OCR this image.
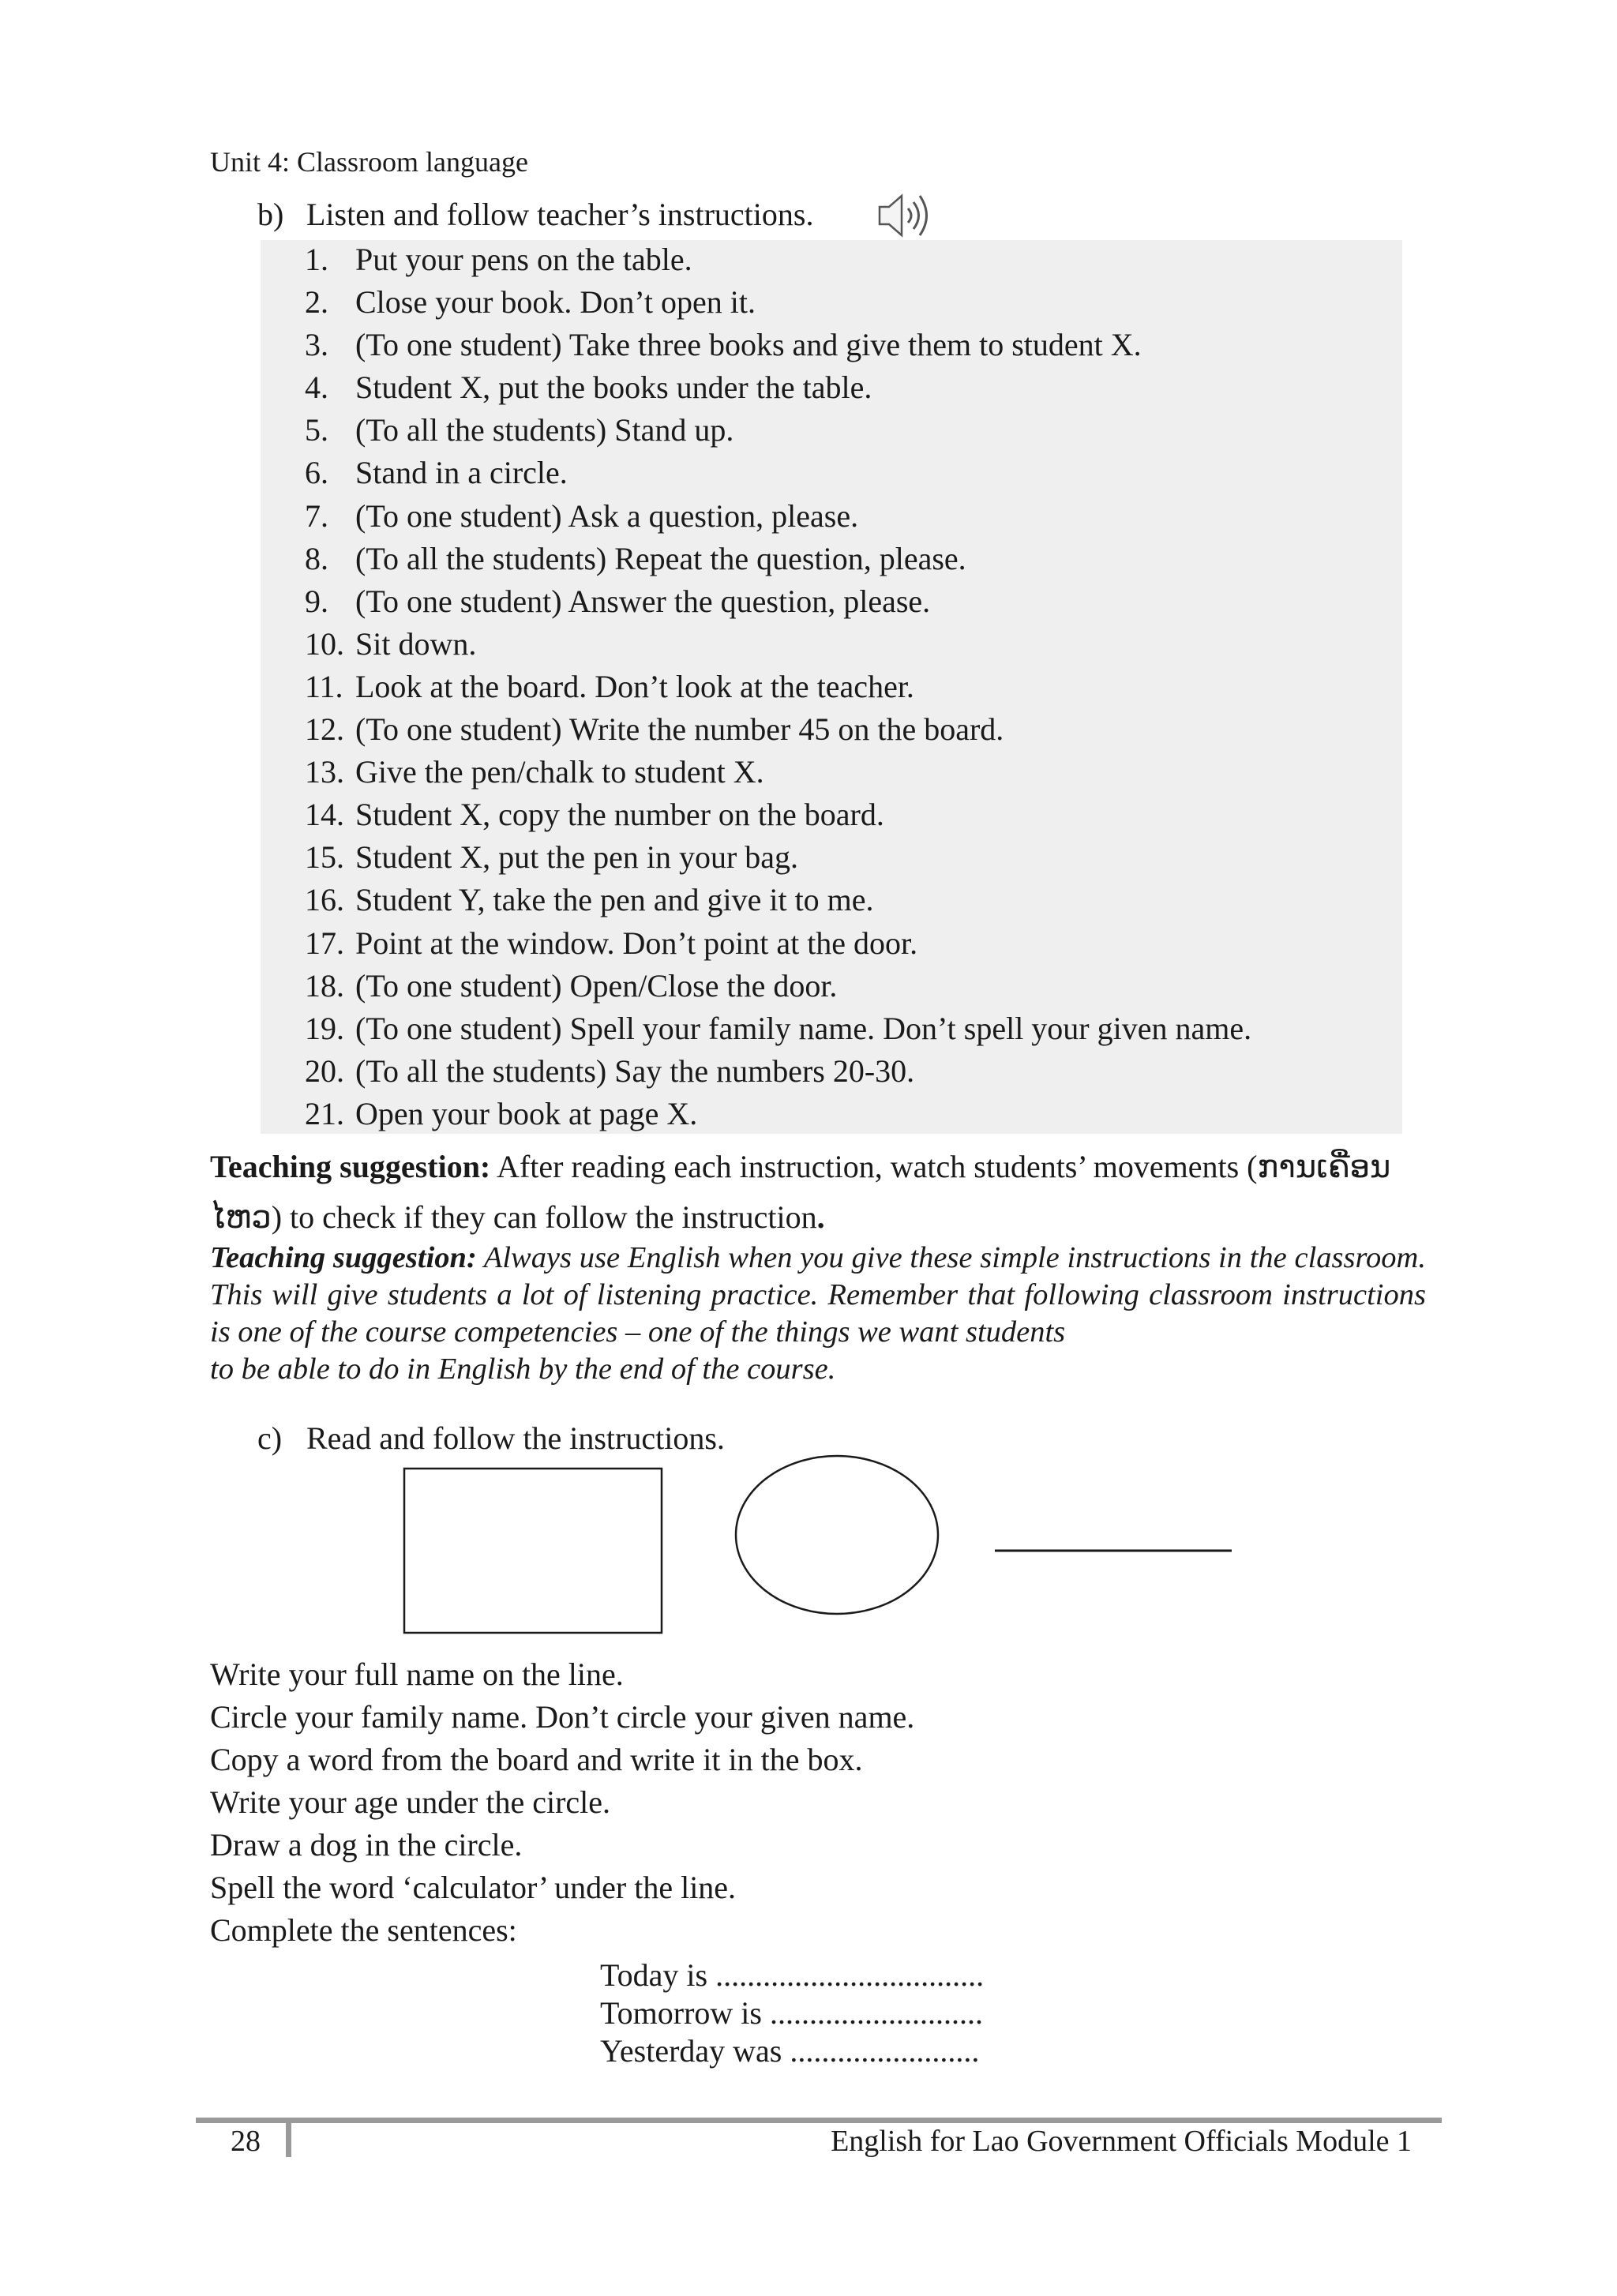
Unit 4: Classroom language
b) Listen and follow teacher’s instructions.
1. Put your pens on the table.
2. Close your book. Don’t open it.
3. (To one student) Take three books and give them to student X.
4. Student X, put the books under the table.
5. (To all the students) Stand up.
6. Stand in a circle.
7. (To one student) Ask a question, please.
8. (To all the students) Repeat the question, please.
9. (To one student) Answer the question, please.
10. Sit down.
11. Look at the board. Don’t look at the teacher.
12. (To one student) Write the number 45 on the board.
13. Give the pen/chalk to student X.
14. Student X, copy the number on the board.
15. Student X, put the pen in your bag.
16. Student Y, take the pen and give it to me.
17. Point at the window. Don’t point at the door.
18. (To one student) Open/Close the door.
19. (To one student) Spell your family name. Don’t spell your given name.
20. (To all the students) Say the numbers 20-30.
21. Open your book at page X.
Teaching suggestion: After reading each instruction, watch students’ movements (ການເຄື່ອນ
ໄຫວ) to check if they can follow the instruction.
Teaching suggestion: Always use English when you give these simple instructions in the classroom. This will give students a lot of listening practice. Remember that following classroom instructions is one of the course competencies – one of the things we want students
to be able to do in English by the end of the course.
c) Read and follow the instructions.
Write your full name on the line.
Circle your family name. Don’t circle your given name.
Copy a word from the board and write it in the box.
Write your age under the circle.
Draw a dog in the circle.
Spell the word ‘calculator’ under the line.
Complete the sentences:
Today is ..................................
Tomorrow is ...........................
Yesterday was ........................
28	English for Lao Government Officials Module 1
